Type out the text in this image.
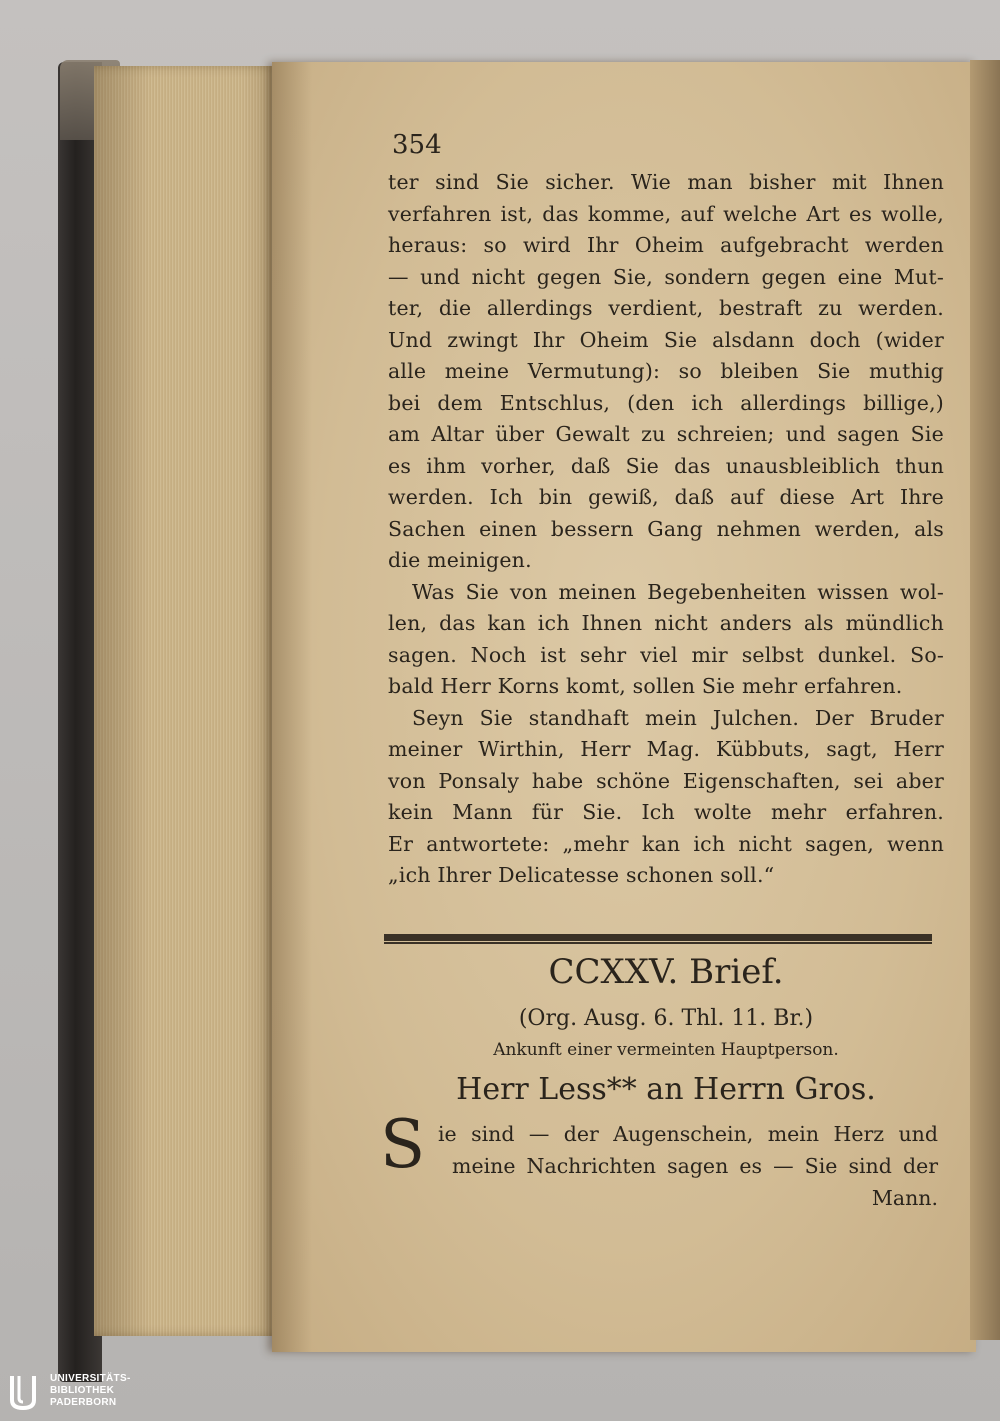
354
ter sind Sie sicher. Wie man bisher mit Ihnen
verfahren ist, das komme, auf welche Art es wolle,
heraus: so wird Ihr Oheim aufgebracht werden
— und nicht gegen Sie, sondern gegen eine Mut-
ter, die allerdings verdient, bestraft zu werden.
Und zwingt Ihr Oheim Sie alsdann doch (wider
alle meine Vermutung): so bleiben Sie muthig
bei dem Entschlus, (den ich allerdings billige,)
am Altar über Gewalt zu schreien; und sagen Sie
es ihm vorher, daß Sie das unausbleiblich thun
werden. Ich bin gewiß, daß auf diese Art Ihre
Sachen einen bessern Gang nehmen werden, als
die meinigen.
Was Sie von meinen Begebenheiten wissen wol-
len, das kan ich Ihnen nicht anders als mündlich
sagen. Noch ist sehr viel mir selbst dunkel. So-
bald Herr Korns komt, sollen Sie mehr erfahren.
Seyn Sie standhaft mein Julchen. Der Bruder
meiner Wirthin, Herr Mag. Kübbuts, sagt, Herr
von Ponsaly habe schöne Eigenschaften, sei aber
kein Mann für Sie. Ich wolte mehr erfahren.
Er antwortete: „mehr kan ich nicht sagen, wenn
„ich Ihrer Delicatesse schonen soll.“
CCXXV. Brief.
(Org. Ausg. 6. Thl. 11. Br.)
Ankunft einer vermeinten Hauptperson.
Herr Less** an Herrn Gros.
S ie sind — der Augenschein, mein Herz und
meine Nachrichten sagen es — Sie sind der
Mann.
UNIVERSITÄTS-
BIBLIOTHEK
PADERBORN
